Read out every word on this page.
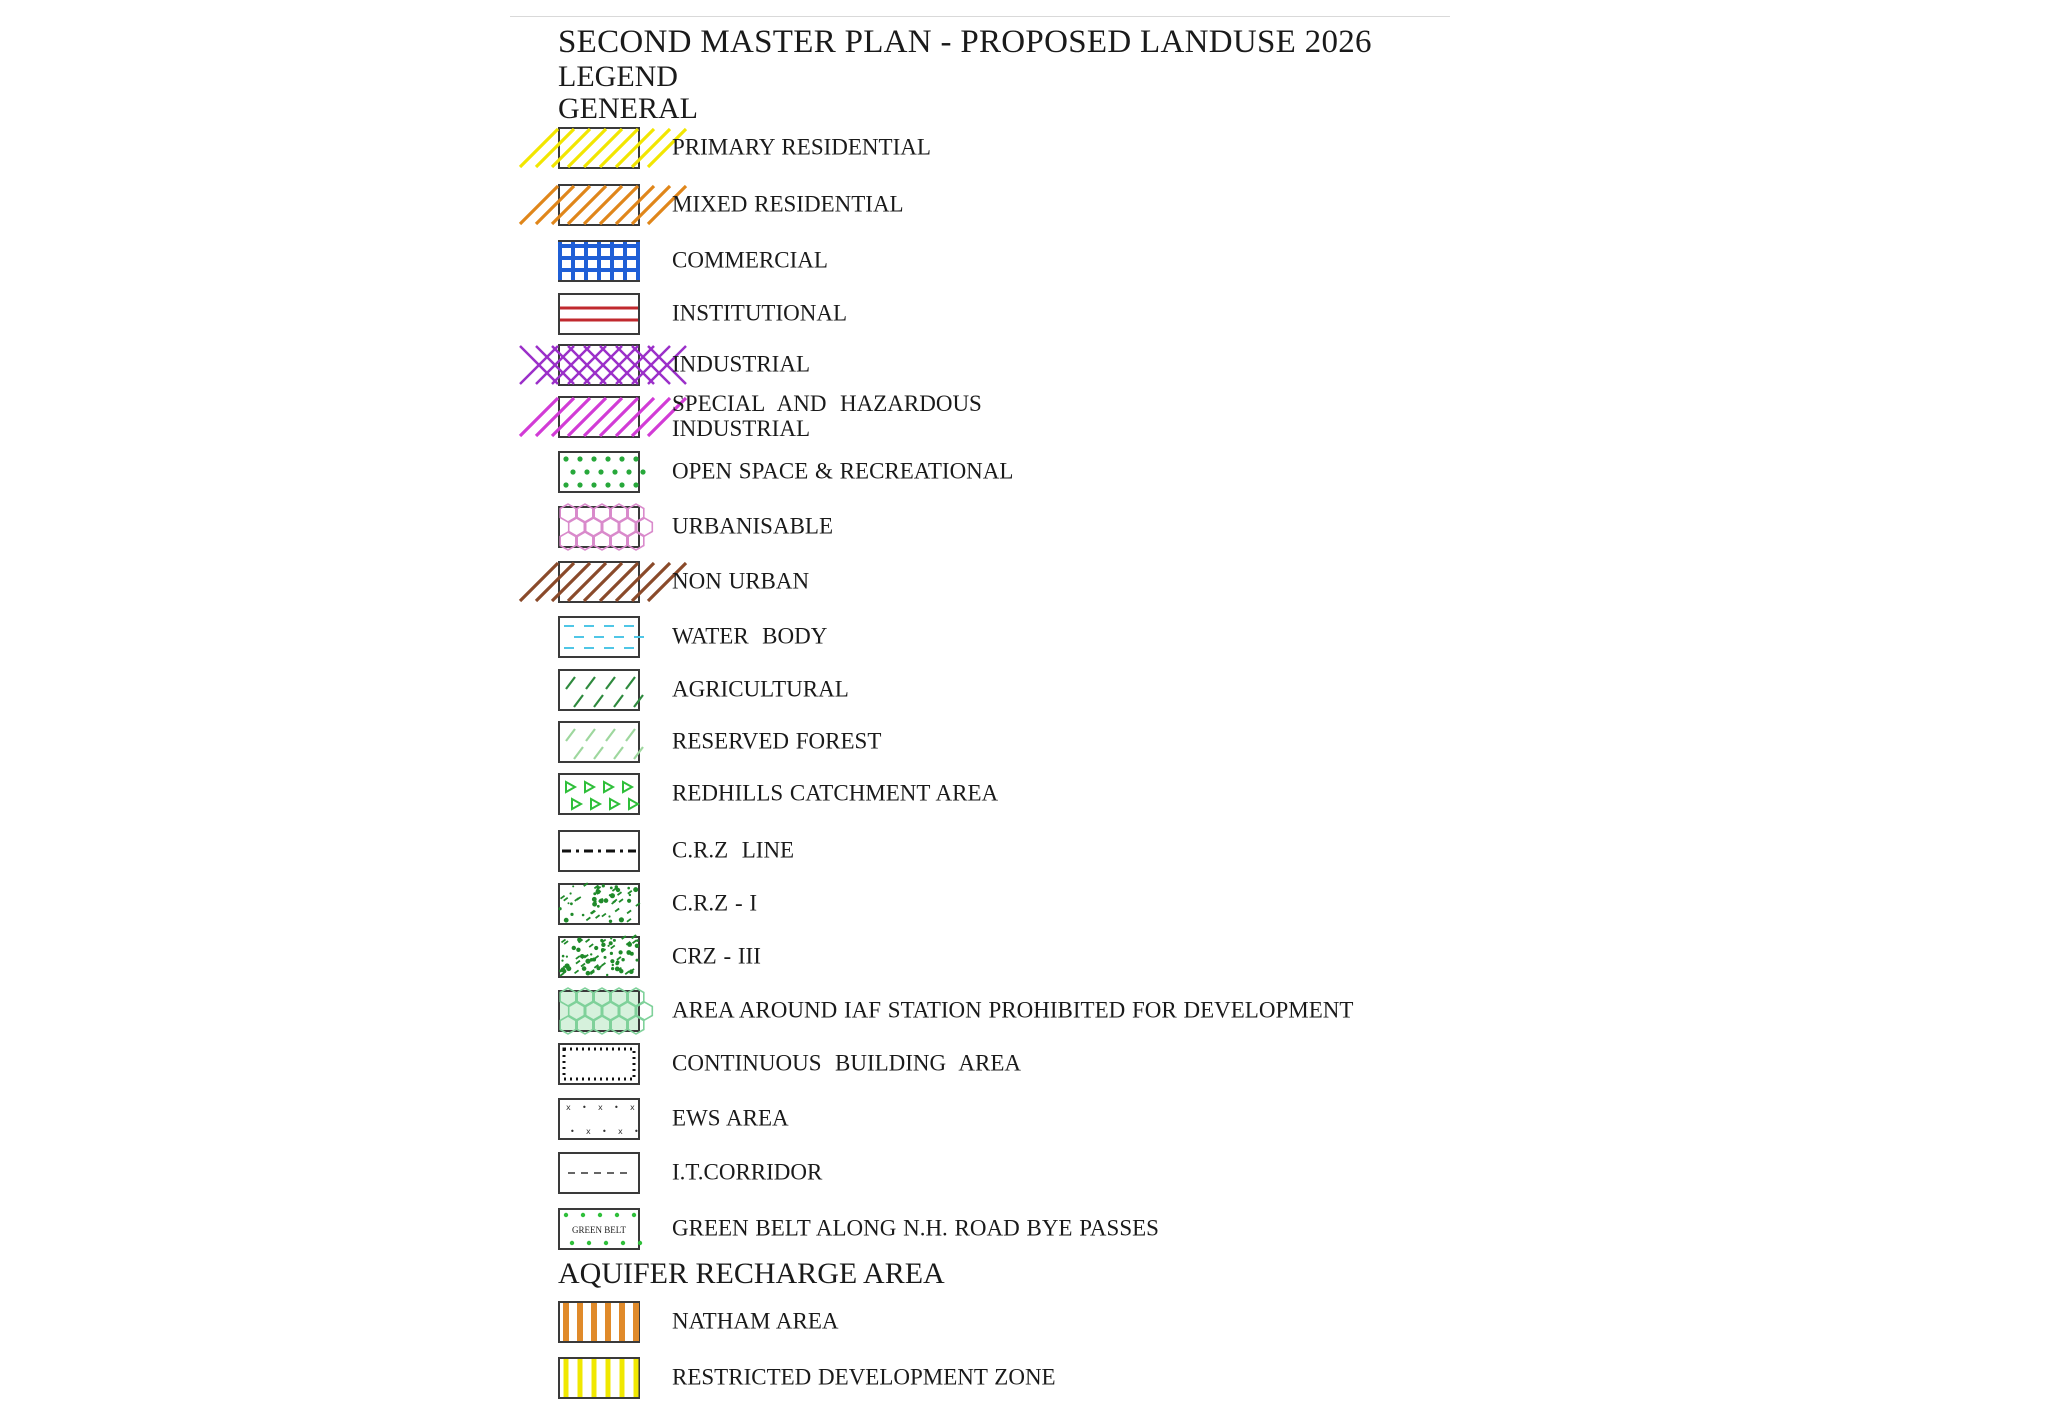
SECOND MASTER PLAN - PROPOSED LANDUSE 2026
LEGEND
GENERAL
PRIMARY RESIDENTIAL
MIXED RESIDENTIAL
COMMERCIAL
INSTITUTIONAL
INDUSTRIAL
SPECIAL  AND  HAZARDOUS
INDUSTRIAL
OPEN SPACE & RECREATIONAL
URBANISABLE
NON URBAN
WATER  BODY
AGRICULTURAL
RESERVED FOREST
REDHILLS CATCHMENT AREA
C.R.Z  LINE
C.R.Z - I
CRZ - III
AREA AROUND IAF STATION PROHIBITED FOR DEVELOPMENT
CONTINUOUS  BUILDING  AREA
x
•
•
x
x
•
•
x
x
•
EWS AREA
I.T.CORRIDOR
GREEN BELT GREEN BELT ALONG N.H. ROAD BYE PASSES
AQUIFER RECHARGE AREA
NATHAM AREA
RESTRICTED DEVELOPMENT ZONE
